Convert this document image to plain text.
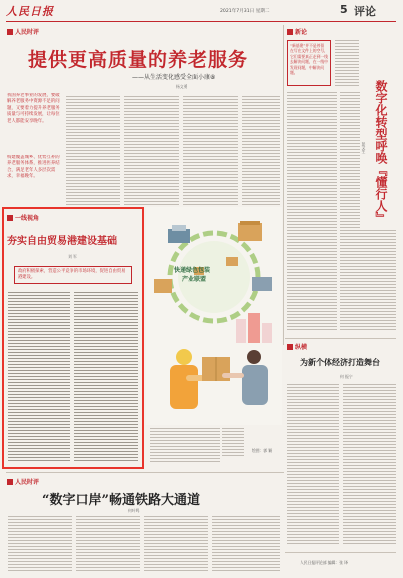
人民日报	2021年7月31日 星期二	5 评论
人民时评
提供更高质量的养老服务
——从生活变化感受全面小康⑧
杨文勇
我国养老事业的发展，要破解养老服务中资源不足的问题，又要着力提升养老服务质量与可持续发展，让每位老人都能安享晚年。
构建覆盖城乡、优势互补的养老服务体系，推进医养结合，满足老年人多层次需求，幸福晚年。
新论
“新基建”并不是停留在写在文件上的空号，它们需要真正走到一线去解决问题，在一线中发现问题，中解决问题。
数字化转型呼唤『懂行人』
彭文生
一线视角
夯实自由贸易港建设基础
刘 军
政府积极探索，营造公平竞争的市场环境，促进自由贸易港建设。
快递绿色包装
产业联盟
绘图：郭 颖
纵横
为新个体经济打造舞台
何 振宁
人民时评
“数字口岸”畅通铁路大通道
何叶鸣
人民日报评论部 编辑：张 译
